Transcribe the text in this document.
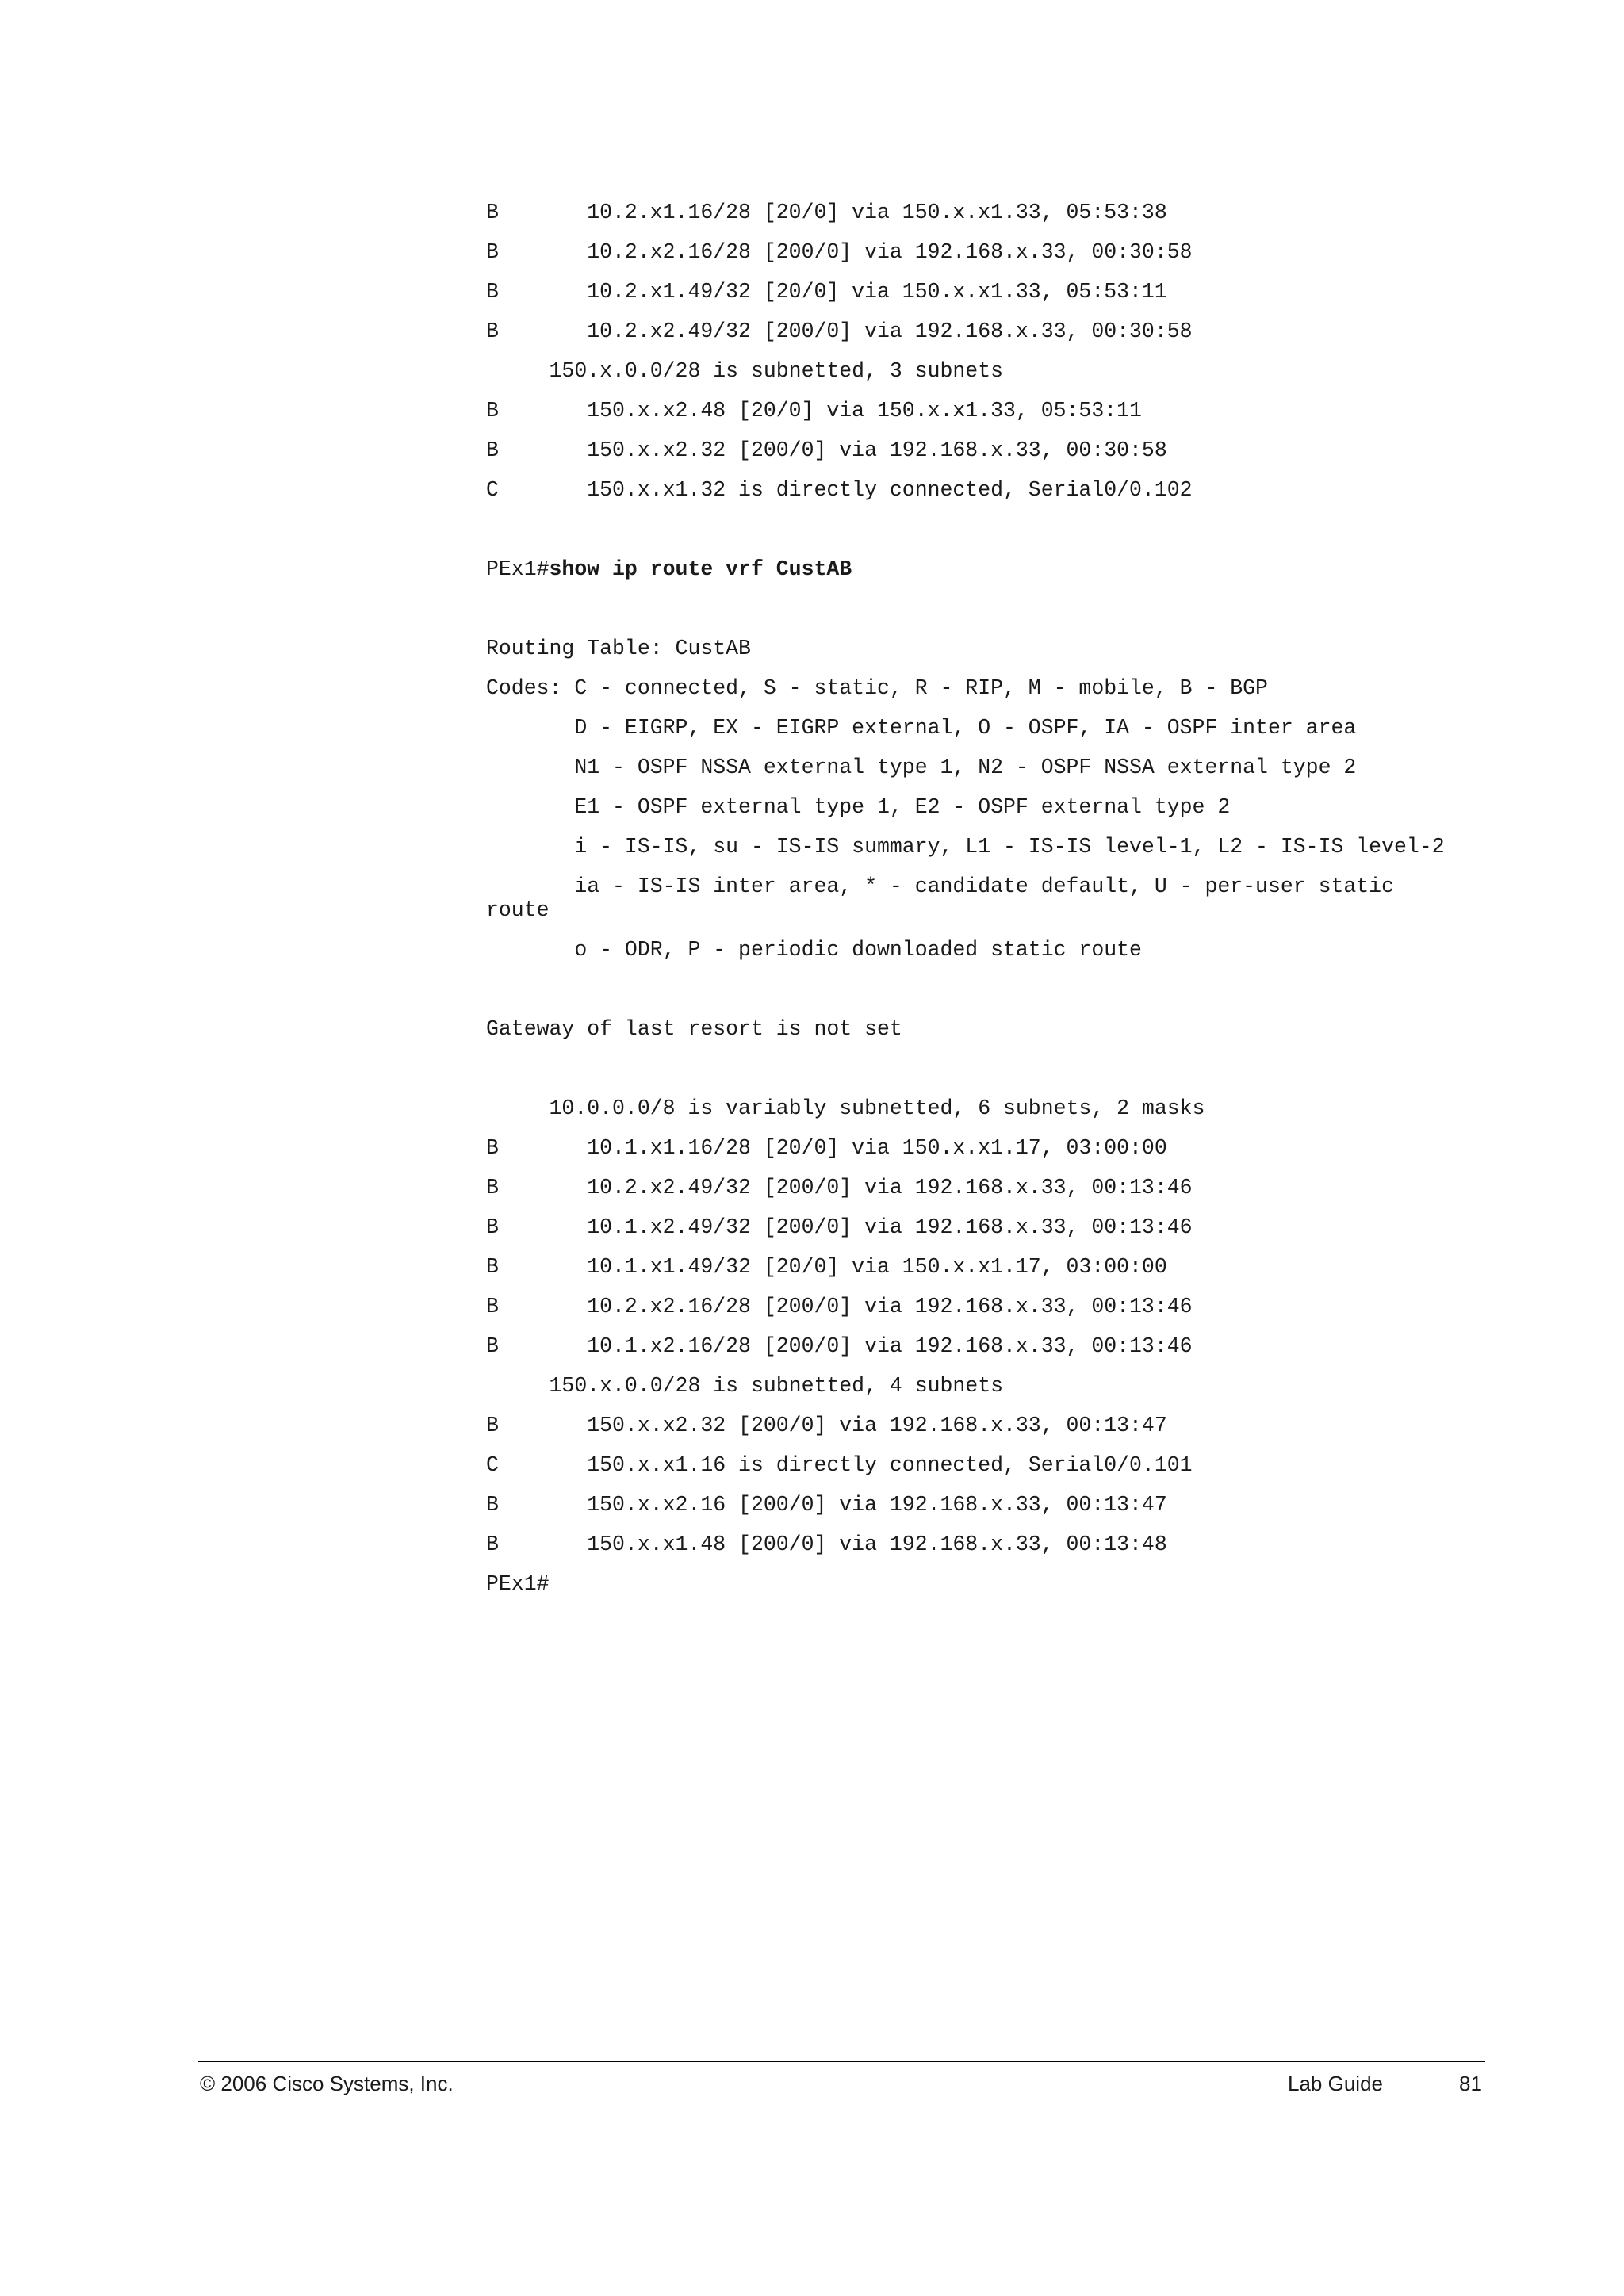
B       10.2.x1.16/28 [20/0] via 150.x.x1.33, 05:53:38
B       10.2.x2.16/28 [200/0] via 192.168.x.33, 00:30:58
B       10.2.x1.49/32 [20/0] via 150.x.x1.33, 05:53:11
B       10.2.x2.49/32 [200/0] via 192.168.x.33, 00:30:58
150.x.0.0/28 is subnetted, 3 subnets
B       150.x.x2.48 [20/0] via 150.x.x1.33, 05:53:11
B       150.x.x2.32 [200/0] via 192.168.x.33, 00:30:58
C       150.x.x1.32 is directly connected, Serial0/0.102
PEx1#show ip route vrf CustAB
Routing Table: CustAB
Codes: C - connected, S - static, R - RIP, M - mobile, B - BGP
D - EIGRP, EX - EIGRP external, O - OSPF, IA - OSPF inter area
N1 - OSPF NSSA external type 1, N2 - OSPF NSSA external type 2
E1 - OSPF external type 1, E2 - OSPF external type 2
i - IS-IS, su - IS-IS summary, L1 - IS-IS level-1, L2 - IS-IS level-2

ia - IS-IS inter area, * - candidate default, U - per-user static

route

o - ODR, P - periodic downloaded static route
Gateway of last resort is not set
10.0.0.0/8 is variably subnetted, 6 subnets, 2 masks
B       10.1.x1.16/28 [20/0] via 150.x.x1.17, 03:00:00
B       10.2.x2.49/32 [200/0] via 192.168.x.33, 00:13:46
B       10.1.x2.49/32 [200/0] via 192.168.x.33, 00:13:46
B       10.1.x1.49/32 [20/0] via 150.x.x1.17, 03:00:00
B       10.2.x2.16/28 [200/0] via 192.168.x.33, 00:13:46
B       10.1.x2.16/28 [200/0] via 192.168.x.33, 00:13:46
150.x.0.0/28 is subnetted, 4 subnets
B       150.x.x2.32 [200/0] via 192.168.x.33, 00:13:47
C       150.x.x1.16 is directly connected, Serial0/0.101
B       150.x.x2.16 [200/0] via 192.168.x.33, 00:13:47
B       150.x.x1.48 [200/0] via 192.168.x.33, 00:13:48
PEx1#
© 2006 Cisco Systems, Inc.	Lab Guide	81
